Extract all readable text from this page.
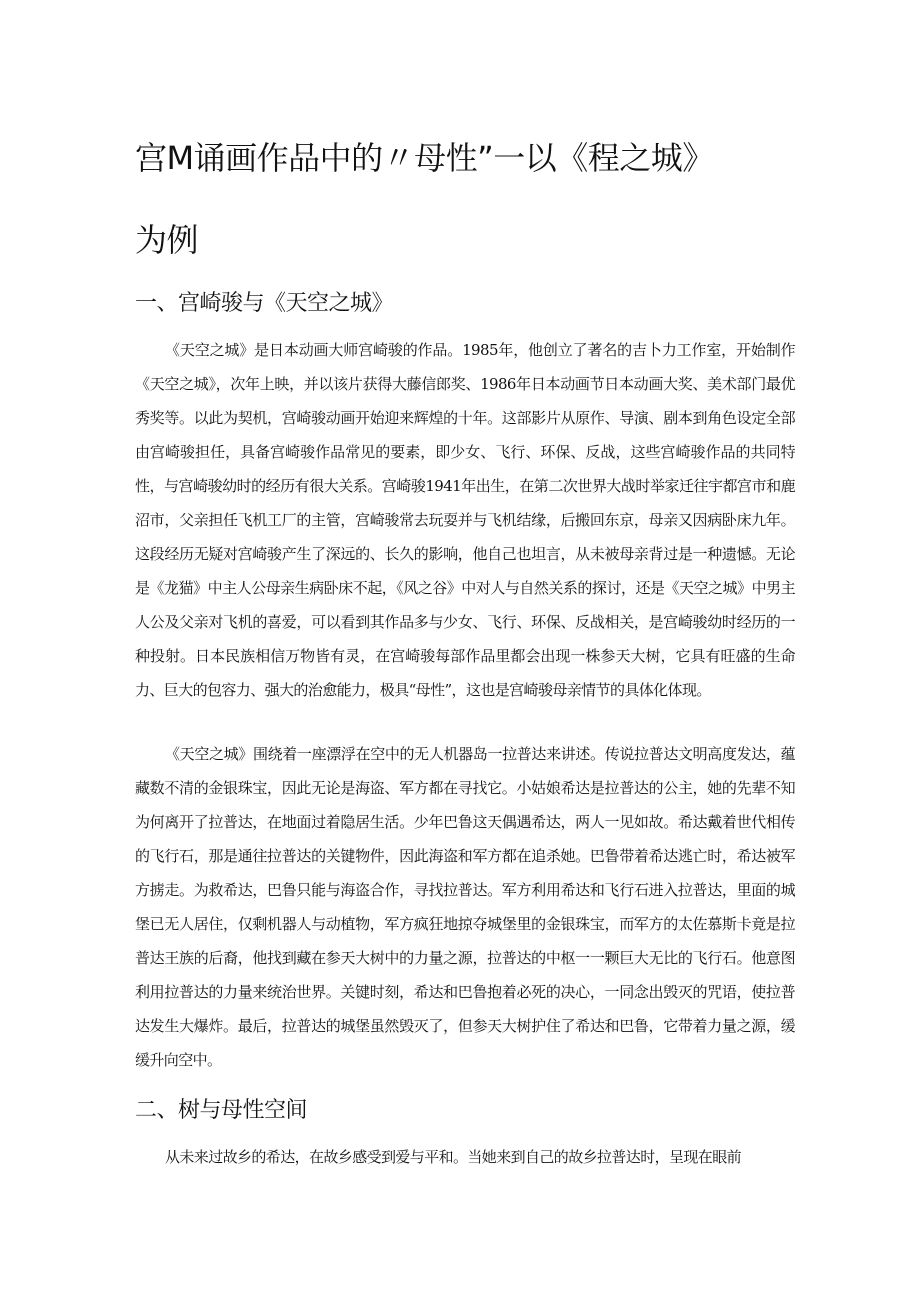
宫M诵画作品中的〃母性”一以《程之城》
为例
一、宫崎骏与《天空之城》

《天空之城》是日本动画大师宫崎骏的作品。1985年，他创立了著名的吉卜力工作室，开始制作《天空之城》，次年上映，并以该片获得大藤信郎奖、1986年日本动画节日本动画大奖、美术部门最优秀奖等。以此为契机，宫崎骏动画开始迎来辉煌的十年。这部影片从原作、导演、剧本到角色设定全部由宫崎骏担任，具备宫崎骏作品常见的要素，即少女、飞行、环保、反战，这些宫崎骏作品的共同特性，与宫崎骏幼时的经历有很大关系。宫崎骏1941年出生，在第二次世界大战时举家迁往宇都宫市和鹿沼市，父亲担任飞机工厂的主管，宫崎骏常去玩耍并与飞机结缘，后搬回东京，母亲又因病卧床九年。这段经历无疑对宫崎骏产生了深远的、长久的影响，他自己也坦言，从未被母亲背过是一种遗憾。无论是《龙猫》中主人公母亲生病卧床不起，《风之谷》中对人与自然关系的探讨，还是《天空之城》中男主人公及父亲对飞机的喜爱，可以看到其作品多与少女、飞行、环保、反战相关，是宫崎骏幼时经历的一种投射。日本民族相信万物皆有灵，在宫崎骏每部作品里都会出现一株参天大树，它具有旺盛的生命力、巨大的包容力、强大的治愈能力，极具“母性”，这也是宫崎骏母亲情节的具体化体现。

《天空之城》围绕着一座漂浮在空中的无人机器岛一拉普达来讲述。传说拉普达文明高度发达，蕴藏数不清的金银珠宝，因此无论是海盗、军方都在寻找它。小姑娘希达是拉普达的公主，她的先辈不知为何离开了拉普达，在地面过着隐居生活。少年巴鲁这天偶遇希达，两人一见如故。希达戴着世代相传的飞行石，那是通往拉普达的关键物件，因此海盗和军方都在追杀她。巴鲁带着希达逃亡时，希达被军方掳走。为救希达，巴鲁只能与海盗合作，寻找拉普达。军方利用希达和飞行石进入拉普达，里面的城堡已无人居住，仅剩机器人与动植物，军方疯狂地掠夺城堡里的金银珠宝，而军方的太佐慕斯卡竟是拉普达王族的后裔，他找到藏在参天大树中的力量之源，拉普达的中枢一一颗巨大无比的飞行石。他意图利用拉普达的力量来统治世界。关键时刻，希达和巴鲁抱着必死的决心，一同念出毁灭的咒语，使拉普达发生大爆炸。最后，拉普达的城堡虽然毁灭了，但参天大树护住了希达和巴鲁，它带着力量之源，缓缓升向空中。

二、树与母性空间

从未来过故乡的希达，在故乡感受到爱与平和。当她来到自己的故乡拉普达时，呈现在眼前
